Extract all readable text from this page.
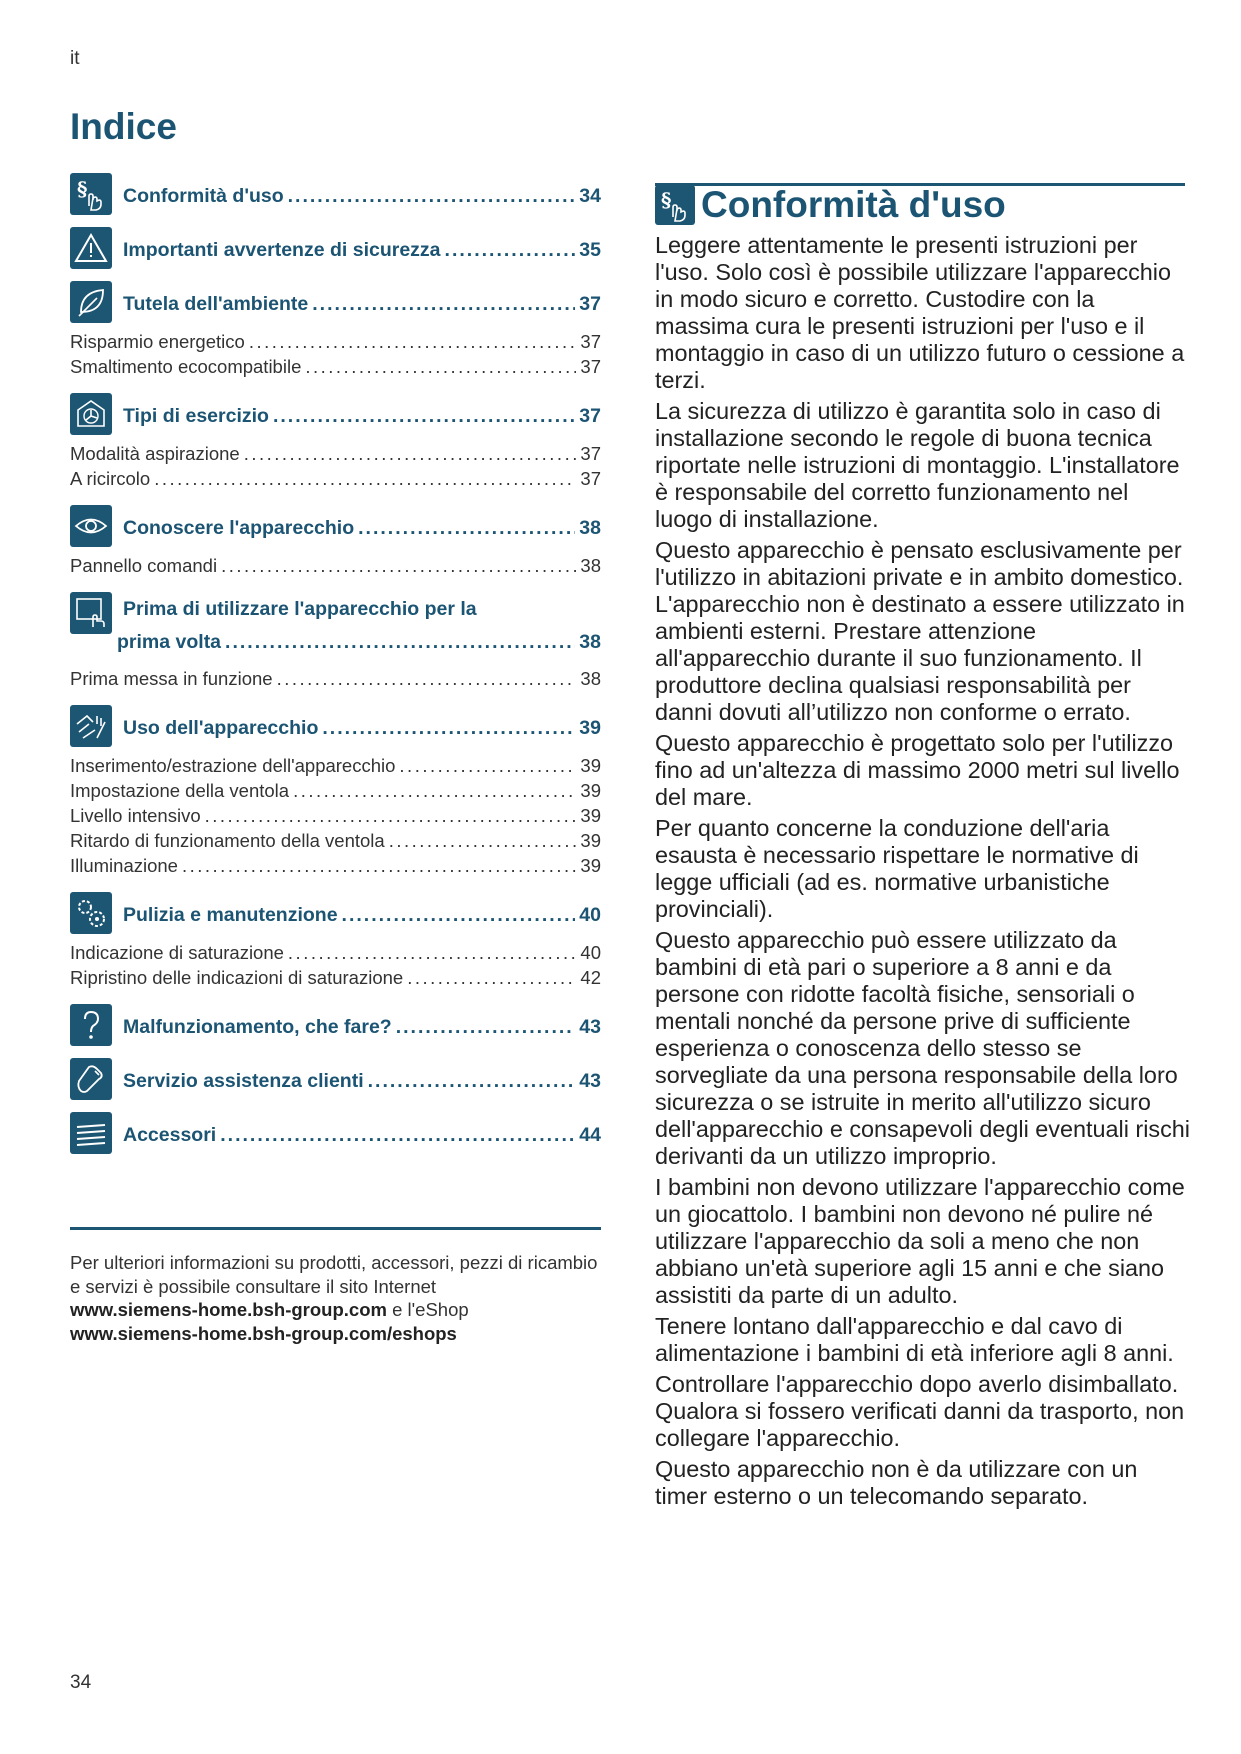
it
Indice
§ Conformità d'uso .....	34
Importanti avvertenze di sicurezza .....	35
Tutela dell'ambiente .....	37
Risparmio energetico .....	37
Smaltimento ecocompatibile .....	37
Tipi di esercizio .....	37
Modalità aspirazione .....	37
A ricircolo .....	37
Conoscere l'apparecchio .....	38
Pannello comandi .....	38
Prima di utilizzare l'apparecchio per la
prima volta .....	38
Prima messa in funzione .....	38
Uso dell'apparecchio .....	39
Inserimento/estrazione dell'apparecchio .....	39
Impostazione della ventola .....	39
Livello intensivo .....	39
Ritardo di funzionamento della ventola .....	39
Illuminazione .....	39
Pulizia e manutenzione .....	40
Indicazione di saturazione .....	40
Ripristino delle indicazioni di saturazione .....	42
Malfunzionamento, che fare? .....	43
Servizio assistenza clienti .....	43
Accessori .....	44
Per ulteriori informazioni su prodotti, accessori, pezzi di ricambio e servizi è possibile consultare il sito Internet
www.siemens-home.bsh-group.com e l'eShop
www.siemens-home.bsh-group.com/eshops
§ Conformità d'uso

Leggere attentamente le presenti istruzioni per l'uso. Solo così è possibile utilizzare l'apparecchio in modo sicuro e corretto. Custodire con la massima cura le presenti istruzioni per l'uso e il montaggio in caso di un utilizzo futuro o cessione a terzi.

La sicurezza di utilizzo è garantita solo in caso di installazione secondo le regole di buona tecnica riportate nelle istruzioni di montaggio. L'installatore è responsabile del corretto funzionamento nel luogo di installazione.

Questo apparecchio è pensato esclusivamente per l'utilizzo in abitazioni private e in ambito domestico. L'apparecchio non è destinato a essere utilizzato in ambienti esterni. Prestare attenzione all'apparecchio durante il suo funzionamento. Il produttore declina qualsiasi responsabilità per danni dovuti all’utilizzo non conforme o errato.

Questo apparecchio è progettato solo per l'utilizzo fino ad un'altezza di massimo 2000 metri sul livello del mare.

Per quanto concerne la conduzione dell'aria esausta è necessario rispettare le normative di legge ufficiali (ad es. normative urbanistiche provinciali).

Questo apparecchio può essere utilizzato da bambini di età pari o superiore a 8 anni e da persone con ridotte facoltà fisiche, sensoriali o mentali nonché da persone prive di sufficiente esperienza o conoscenza dello stesso se sorvegliate da una persona responsabile della loro sicurezza o se istruite in merito all'utilizzo sicuro dell'apparecchio e consapevoli degli eventuali rischi derivanti da un utilizzo improprio.

I bambini non devono utilizzare l'apparecchio come un giocattolo. I bambini non devono né pulire né utilizzare l'apparecchio da soli a meno che non abbiano un'età superiore agli 15 anni e che siano assistiti da parte di un adulto.

Tenere lontano dall'apparecchio e dal cavo di alimentazione i bambini di età inferiore agli 8 anni.

Controllare l'apparecchio dopo averlo disimballato. Qualora si fossero verificati danni da trasporto, non collegare l'apparecchio.

Questo apparecchio non è da utilizzare con un timer esterno o un telecomando separato.

34
